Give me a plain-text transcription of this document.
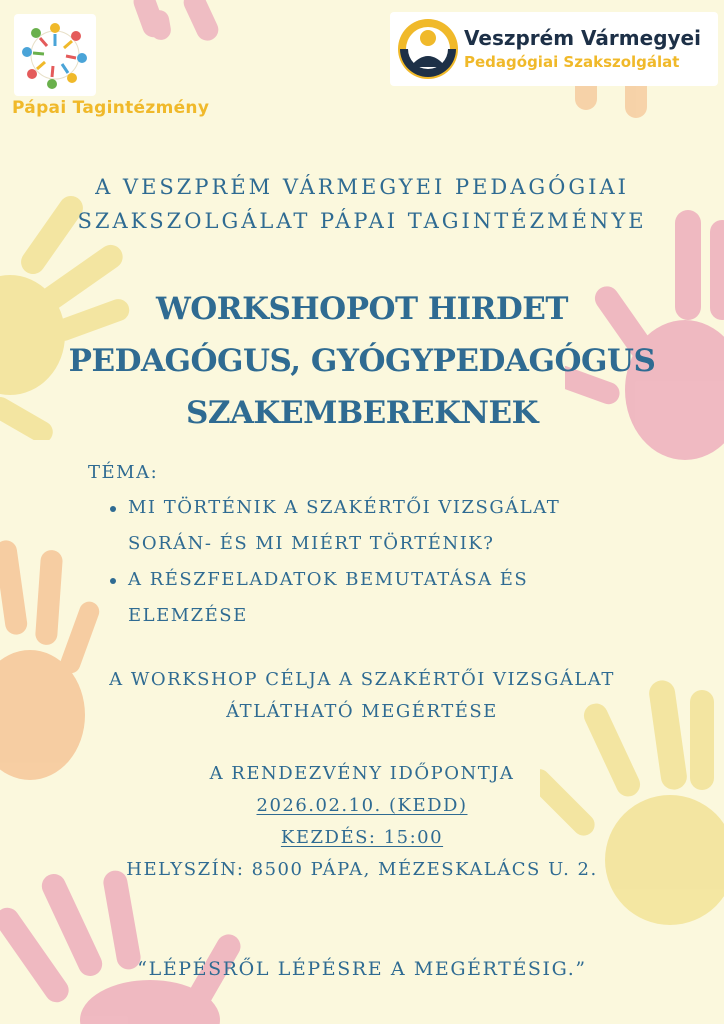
Pápai Tagintézmény
Veszprém Vármegyei
Pedagógiai Szakszolgálat
A VESZPRÉM VÁRMEGYEI PEDAGÓGIAI
SZAKSZOLGÁLAT PÁPAI TAGINTÉZMÉNYE
WORKSHOPOT HIRDET
PEDAGÓGUS, GYÓGYPEDAGÓGUS
SZAKEMBEREKNEK
TÉMA:
MI TÖRTÉNIK A SZAKÉRTŐI VIZSGÁLAT
SORÁN- ÉS MI MIÉRT TÖRTÉNIK?
A RÉSZFELADATOK BEMUTATÁSA ÉS
ELEMZÉSE
A WORKSHOP CÉLJA A SZAKÉRTŐI VIZSGÁLAT
ÁTLÁTHATÓ MEGÉRTÉSE
A RENDEZVÉNY IDŐPONTJA
2026.02.10. (KEDD)
KEZDÉS: 15:00
HELYSZÍN: 8500 PÁPA, MÉZESKALÁCS U. 2.
“LÉPÉSRŐL LÉPÉSRE A MEGÉRTÉSIG.”
